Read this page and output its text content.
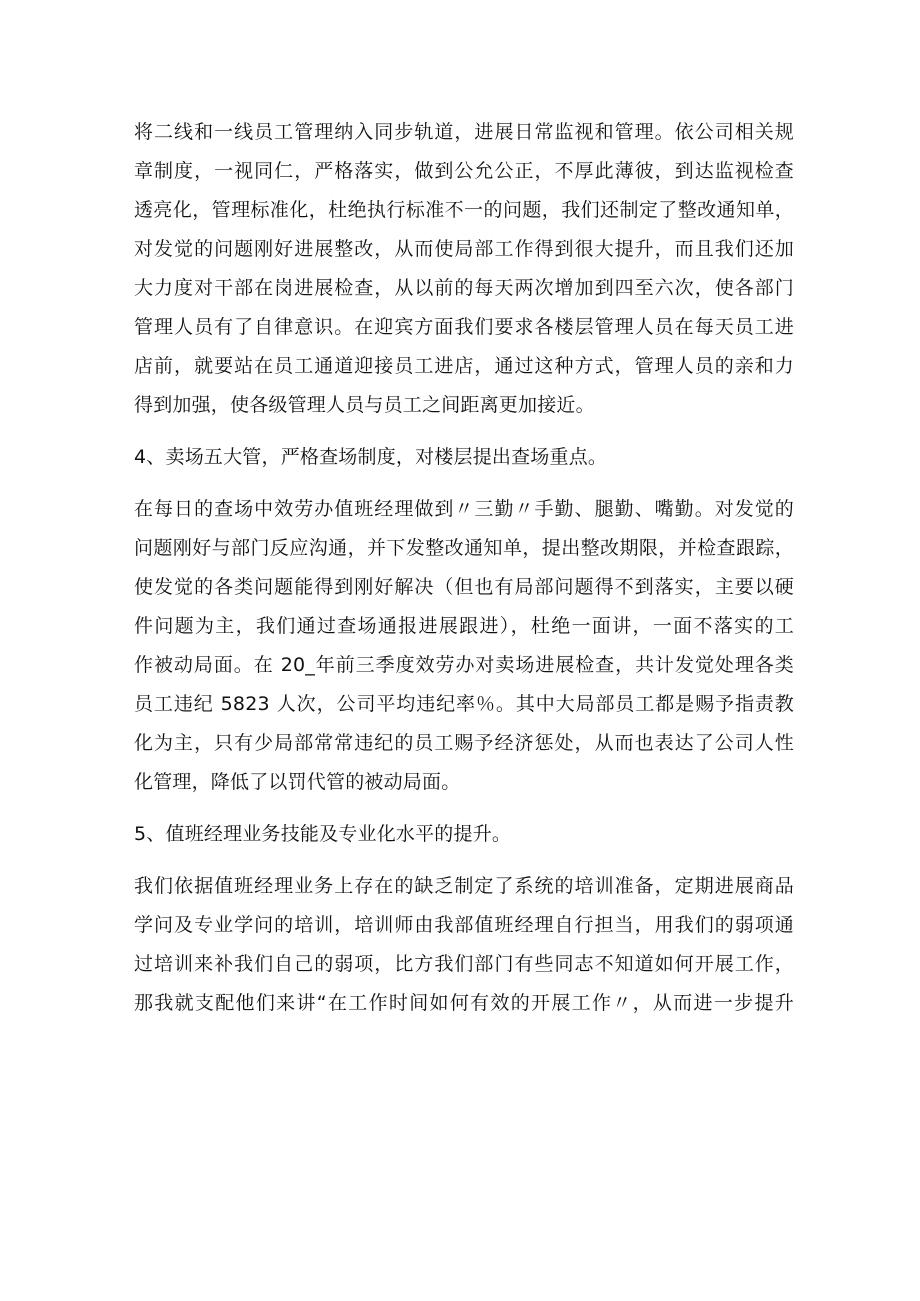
将二线和一线员工管理纳入同步轨道，进展日常监视和管理。依公司相关规
章制度，一视同仁，严格落实，做到公允公正，不厚此薄彼，到达监视检查
透亮化，管理标准化，杜绝执行标准不一的问题，我们还制定了整改通知单，
对发觉的问题刚好进展整改，从而使局部工作得到很大提升，而且我们还加
大力度对干部在岗进展检查，从以前的每天两次增加到四至六次，使各部门
管理人员有了自律意识。在迎宾方面我们要求各楼层管理人员在每天员工进
店前，就要站在员工通道迎接员工进店，通过这种方式，管理人员的亲和力
得到加强，使各级管理人员与员工之间距离更加接近。
4、卖场五大管，严格查场制度，对楼层提出查场重点。
在每日的查场中效劳办值班经理做到〃三勤〃手勤、腿勤、嘴勤。对发觉的
问题刚好与部门反应沟通，并下发整改通知单，提出整改期限，并检查跟踪，
使发觉的各类问题能得到刚好解决（但也有局部问题得不到落实，主要以硬
件问题为主，我们通过查场通报进展跟进），杜绝一面讲，一面不落实的工
作被动局面。在 20_年前三季度效劳办对卖场进展检查，共计发觉处理各类
员工违纪 5823 人次，公司平均违纪率％。其中大局部员工都是赐予指责教
化为主，只有少局部常常违纪的员工赐予经济惩处，从而也表达了公司人性
化管理，降低了以罚代管的被动局面。
5、值班经理业务技能及专业化水平的提升。
我们依据值班经理业务上存在的缺乏制定了系统的培训准备，定期进展商品
学问及专业学问的培训，培训师由我部值班经理自行担当，用我们的弱项通
过培训来补我们自己的弱项，比方我们部门有些同志不知道如何开展工作，
那我就支配他们来讲“在工作时间如何有效的开展工作〃，从而进一步提升
